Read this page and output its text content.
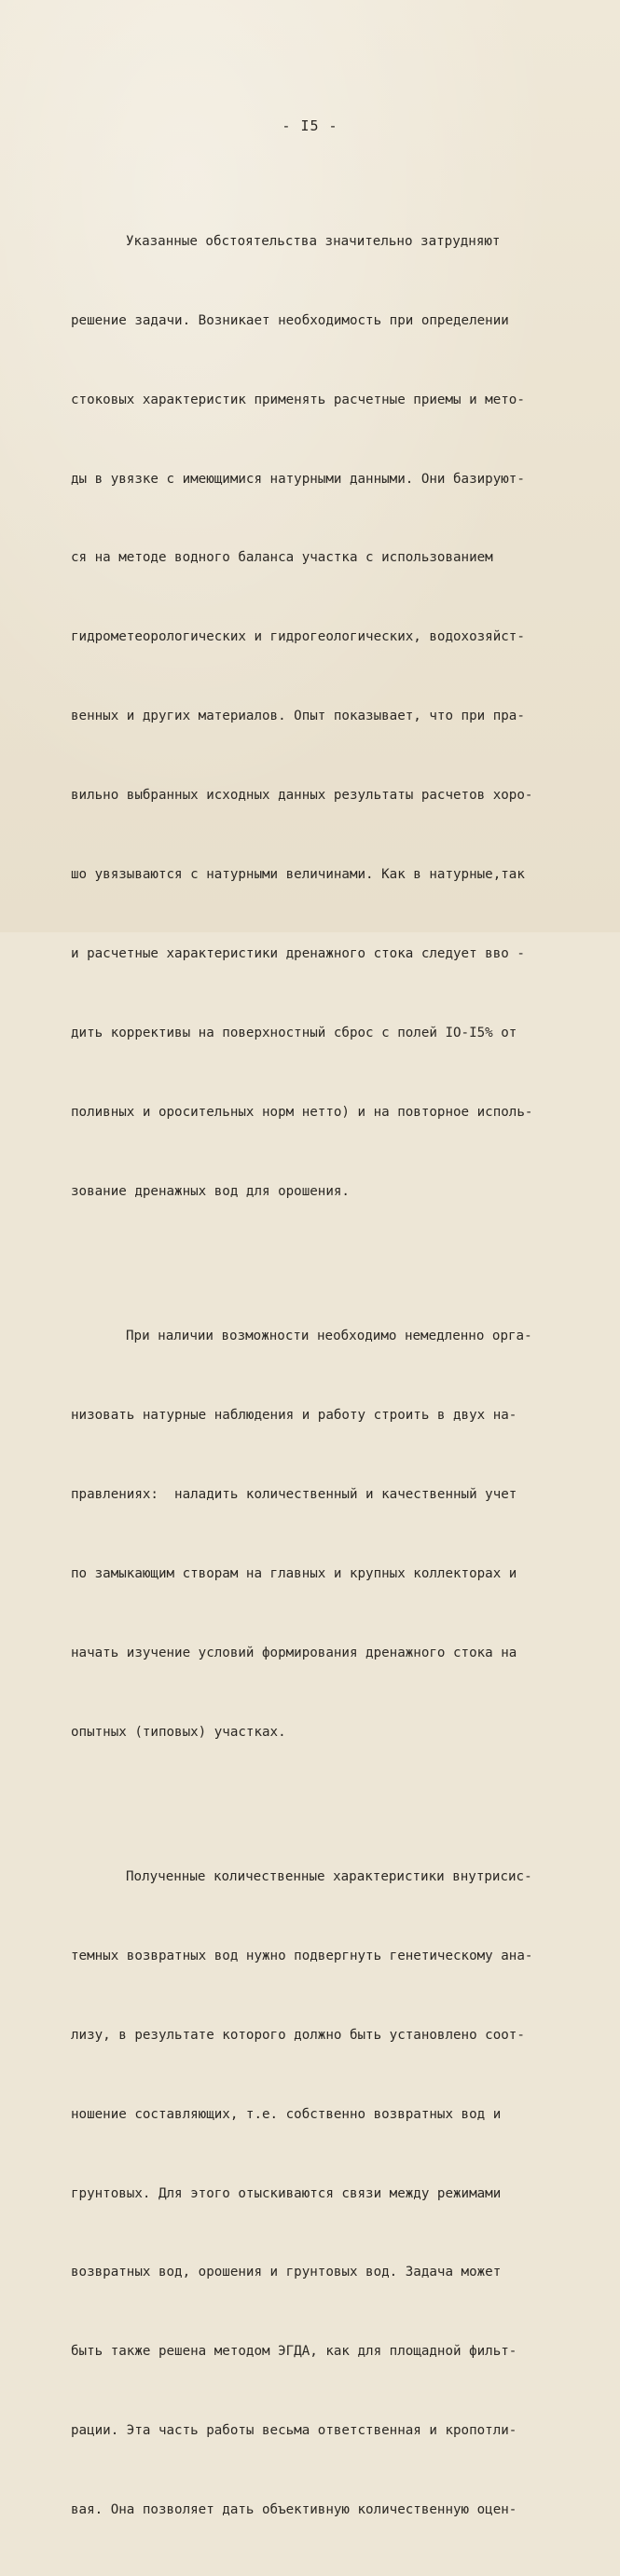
- I5 -

Указанные обстоятельства значительно затрудняют

решение задачи. Возникает необходимость при определении

стоковых характеристик применять расчетные приемы и мето-

ды в увязке с имеющимися натурными данными. Они базируют-

ся на методе водного баланса участка с использованием

гидрометеорологических и гидрогеологических, водохозяйст-

венных и других материалов. Опыт показывает, что при пра-

вильно выбранных исходных данных результаты расчетов хоро-

шо увязываются с натурными величинами. Как в натурные,так

и расчетные характеристики дренажного стока следует вво -

дить коррективы на поверхностный сброс с полей IO-I5% от

поливных и оросительных норм нетто) и на повторное исполь-

зование дренажных вод для орошения.

При наличии возможности необходимо немедленно орга-

низовать натурные наблюдения и работу строить в двух на-

правлениях:  наладить количественный и качественный учет

по замыкающим створам на главных и крупных коллекторах и

начать изучение условий формирования дренажного стока на

опытных (типовых) участках.

Полученные количественные характеристики внутрисис-

темных возвратных вод нужно подвергнуть генетическому ана-

лизу, в результате которого должно быть установлено соот-

ношение составляющих, т.е. собственно возвратных вод и

грунтовых. Для этого отыскиваются связи между режимами

возвратных вод, орошения и грунтовых вод. Задача может

быть также решена методом ЭГДА, как для площадной фильт-

рации. Эта часть работы весьма ответственная и кропотли-

вая. Она позволяет дать объективную количественную оцен-
